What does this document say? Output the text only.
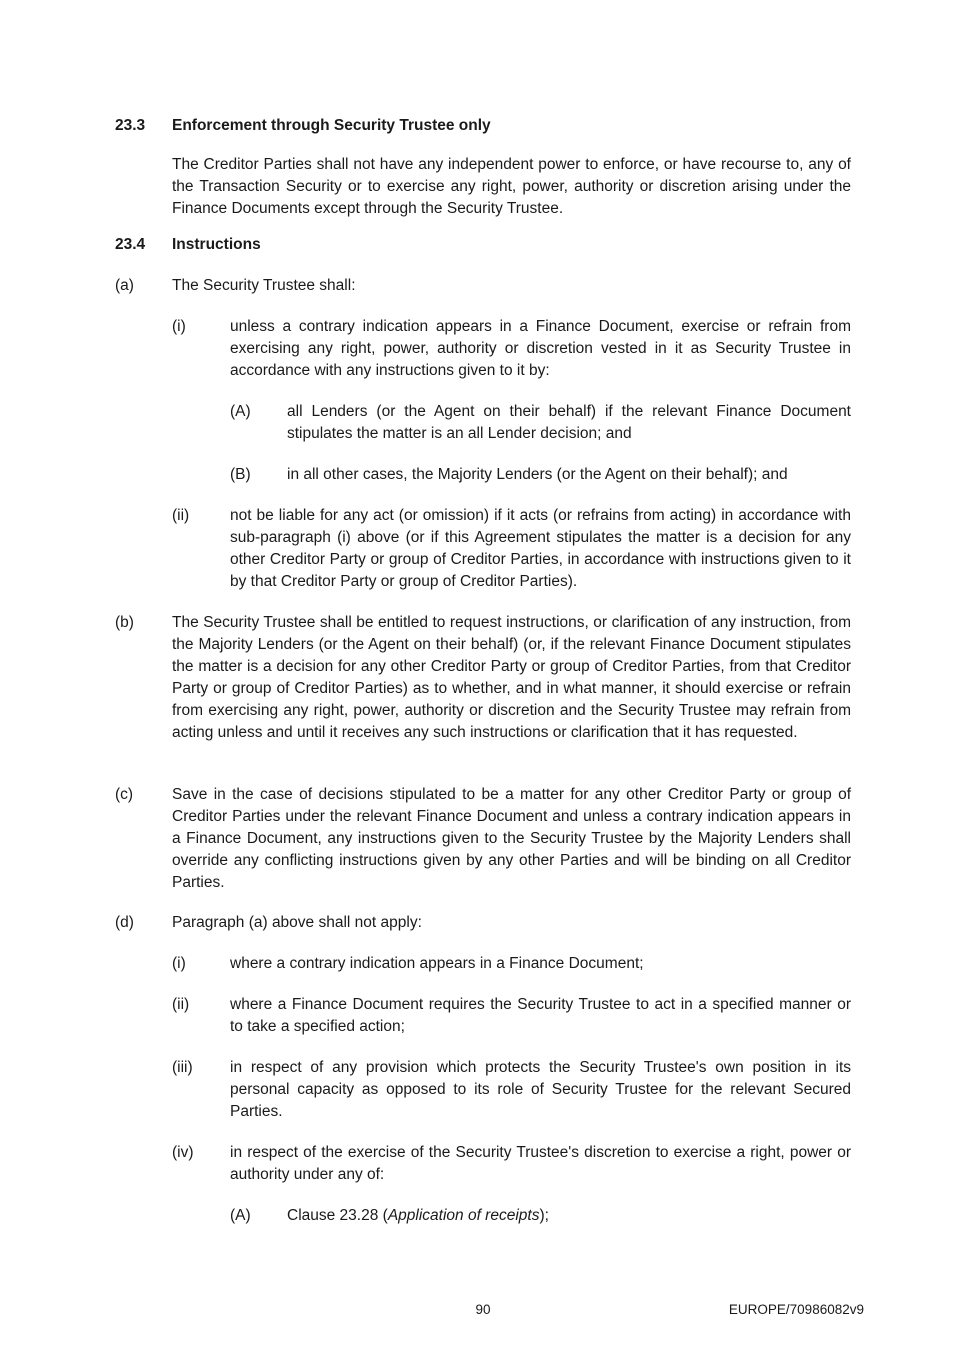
23.3 Enforcement through Security Trustee only
The Creditor Parties shall not have any independent power to enforce, or have recourse to, any of the Transaction Security or to exercise any right, power, authority or discretion arising under the Finance Documents except through the Security Trustee.
23.4 Instructions
(a) The Security Trustee shall:
(i)	unless a contrary indication appears in a Finance Document, exercise or refrain from exercising any right, power, authority or discretion vested in it as Security Trustee in accordance with any instructions given to it by:
(A) all Lenders (or the Agent on their behalf) if the relevant Finance Document stipulates the matter is an all Lender decision; and
(B) in all other cases, the Majority Lenders (or the Agent on their behalf); and
(ii)	not be liable for any act (or omission) if it acts (or refrains from acting) in accordance with sub-paragraph (i) above (or if this Agreement stipulates the matter is a decision for any other Creditor Party or group of Creditor Parties, in accordance with instructions given to it by that Creditor Party or group of Creditor Parties).
(b) The Security Trustee shall be entitled to request instructions, or clarification of any instruction, from the Majority Lenders (or the Agent on their behalf) (or, if the relevant Finance Document stipulates the matter is a decision for any other Creditor Party or group of Creditor Parties, from that Creditor Party or group of Creditor Parties) as to whether, and in what manner, it should exercise or refrain from exercising any right, power, authority or discretion and the Security Trustee may refrain from acting unless and until it receives any such instructions or clarification that it has requested.
(c)	Save in the case of decisions stipulated to be a matter for any other Creditor Party or group of Creditor Parties under the relevant Finance Document and unless a contrary indication appears in a Finance Document, any instructions given to the Security Trustee by the Majority Lenders shall override any conflicting instructions given by any other Parties and will be binding on all Creditor Parties.
(d) Paragraph (a) above shall not apply:
(i)	where a contrary indication appears in a Finance Document;
(ii)	where a Finance Document requires the Security Trustee to act in a specified manner or to take a specified action;
(iii) in respect of any provision which protects the Security Trustee's own position in its personal capacity as opposed to its role of Security Trustee for the relevant Secured Parties.
(iv) in respect of the exercise of the Security Trustee's discretion to exercise a right, power or authority under any of:
(A) Clause 23.28 (Application of receipts);
90	EUROPE/70986082v9
